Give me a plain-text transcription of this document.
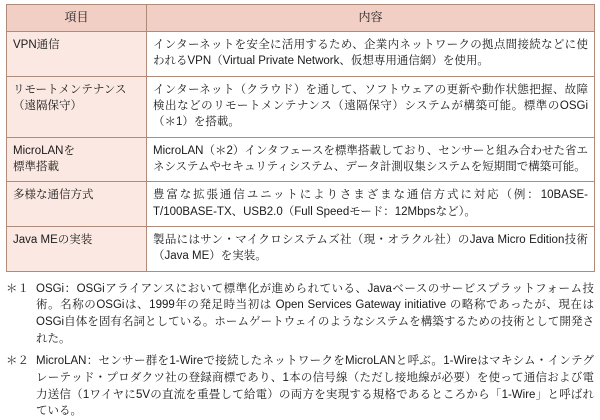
項目	内容
VPN通信	インターネットを安全に活用するため、企業内ネットワークの拠点間接続などに使われるVPN（Virtual Private Network、仮想専用通信網）を使用。
リモートメンテナンス
（遠隔保守）	インターネット（クラウド）を通して、ソフトウェアの更新や動作状態把握、故障検出などのリモートメンテナンス（遠隔保守）システムが構築可能。標準のOSGi（＊1）を搭載。
MicroLANを
標準搭載	MicroLAN（＊2）インタフェースを標準搭載しており、センサーと組み合わせた省エネシステムやセキュリティシステム、データ計測収集システムを短期間で構築可能。
多様な通信方式	豊富な拡張通信ユニットによりさまざまな通信方式に対応（例：10BASE-T/100BASE-TX、USB2.0（Full Speedモード：12Mbpsなど）。
Java MEの実装	製品にはサン・マイクロシステムズ社（現・オラクル社）のJava Micro Edition技術（Java ME）を実装。
＊１ OSGi：OSGiアライアンスにおいて標準化が進められている、Javaベースのサービスプラットフォーム技術。名称のOSGiは、1999年の発足時当初は Open Services Gateway initiative の略称であったが、現在はOSGi自体を固有名詞としている。ホームゲートウェイのようなシステムを構築するための技術として開発された。
＊２ MicroLAN：センサー群を1-Wireで接続したネットワークをMicroLANと呼ぶ。1-Wireはマキシム・インテグレーテッド・プロダクツ社の登録商標であり、1本の信号線（ただし接地線が必要）を使って通信および電力送信（1ワイヤに5Vの直流を重畳して給電）の両方を実現する規格であるところから「1-Wire」と呼ばれている。
